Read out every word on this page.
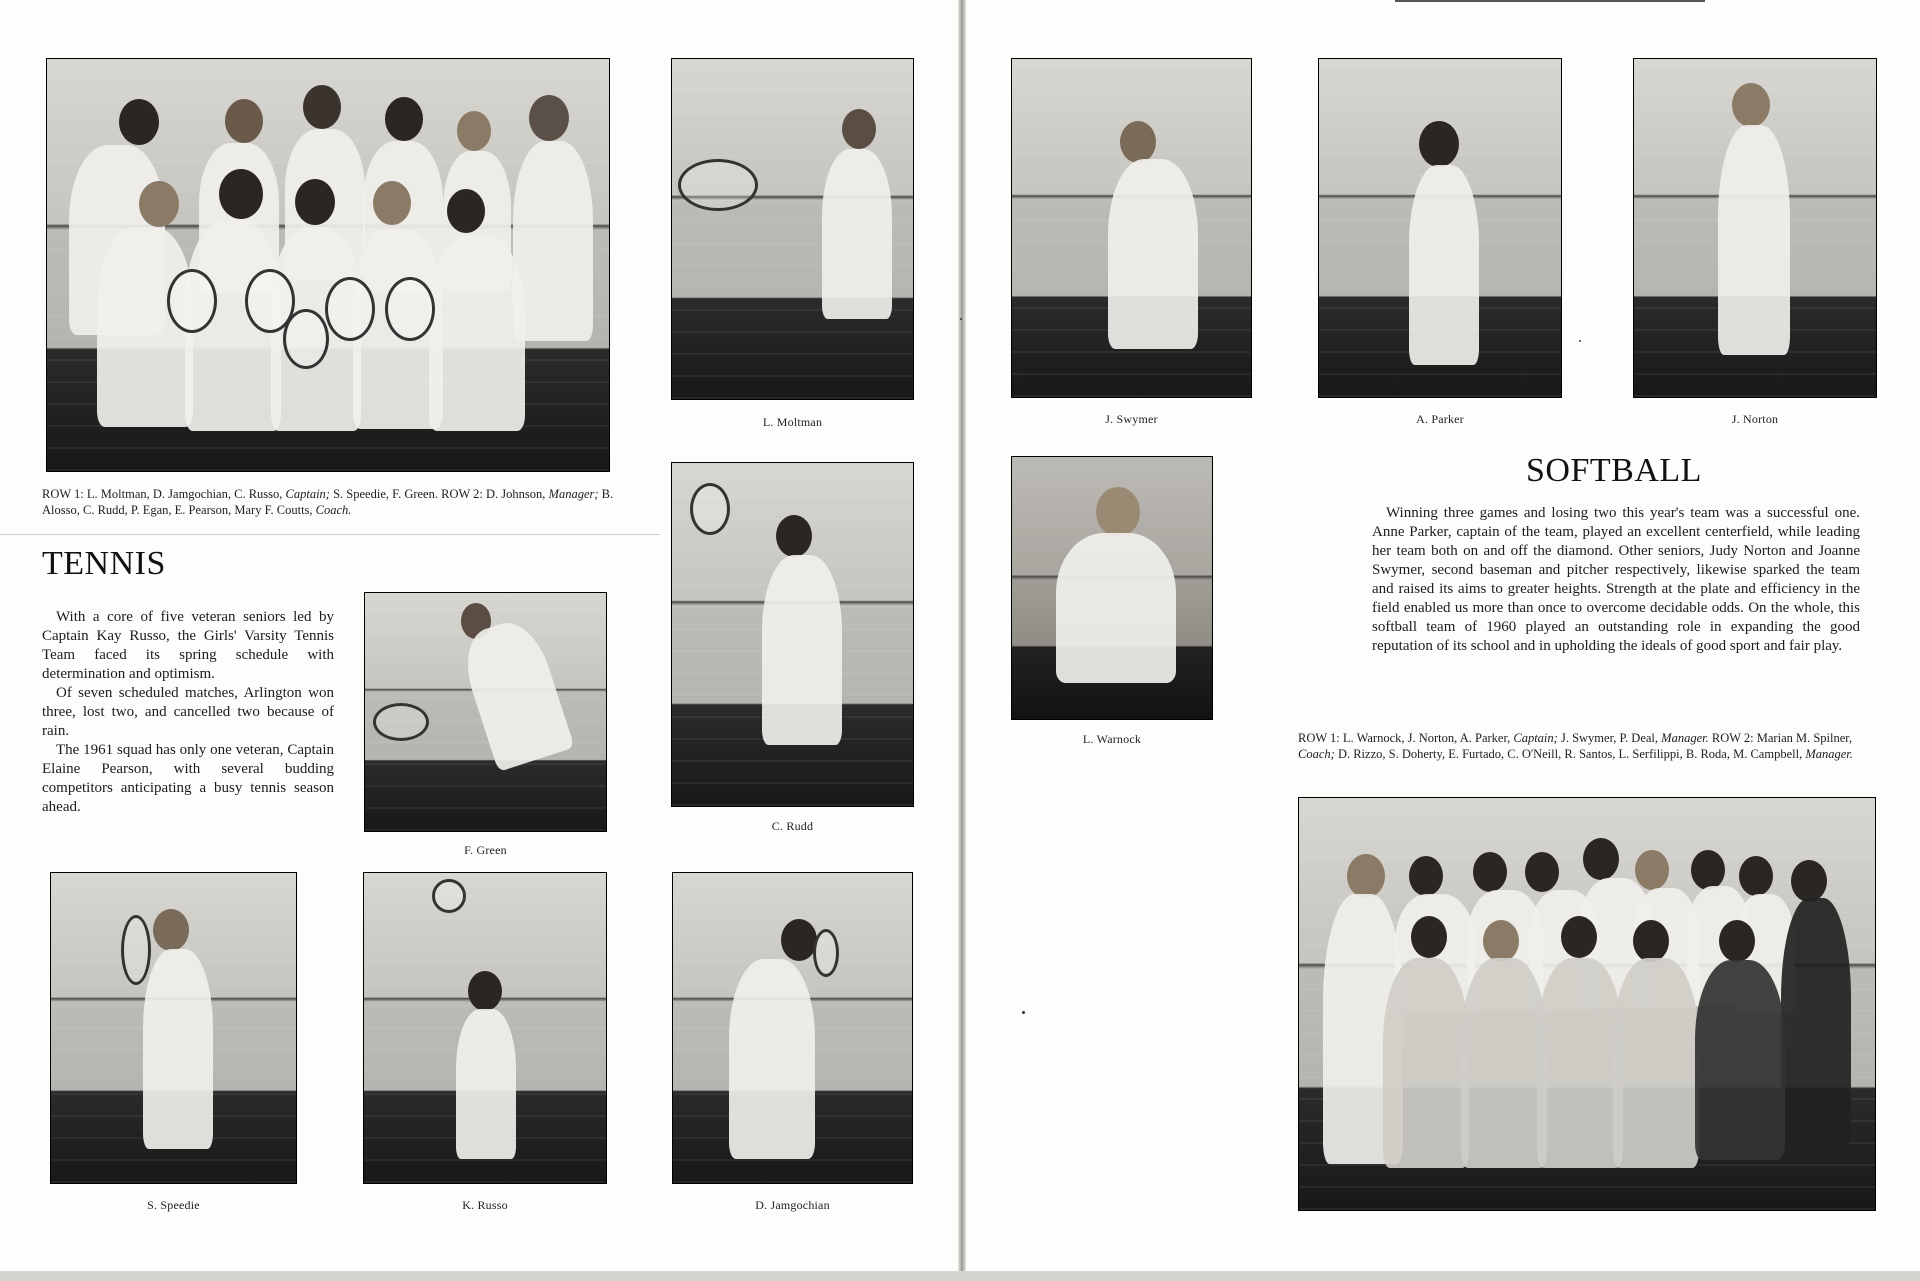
ROW 1: L. Moltman, D. Jamgochian, C. Russo, Captain; S. Speedie, F. Green. ROW 2: D. Johnson, Manager; B. Alosso, C. Rudd, P. Egan, E. Pearson, Mary F. Coutts, Coach.
TENNIS

With a core of five veteran seniors led by Captain Kay Russo, the Girls' Varsity Tennis Team faced its spring schedule with determination and optimism.

Of seven scheduled matches, Arlington won three, lost two, and cancelled two because of rain.

The 1961 squad has only one veteran, Captain Elaine Pearson, with several budding competitors anticipating a busy tennis season ahead.

L. Moltman
F. Green
C. Rudd
S. Speedie	K. Russo	D. Jamgochian
J. Swymer	A. Parker	J. Norton
L. Warnock
SOFTBALL

Winning three games and losing two this year's team was a successful one. Anne Parker, captain of the team, played an excellent centerfield, while leading her team both on and off the diamond. Other seniors, Judy Norton and Joanne Swymer, second baseman and pitcher respectively, likewise sparked the team and raised its aims to greater heights. Strength at the plate and efficiency in the field enabled us more than once to overcome decidable odds. On the whole, this softball team of 1960 played an outstanding role in expanding the good reputation of its school and in upholding the ideals of good sport and fair play.

ROW 1: L. Warnock, J. Norton, A. Parker, Captain; J. Swymer, P. Deal, Manager. ROW 2: Marian M. Spilner, Coach; D. Rizzo, S. Doherty, E. Furtado, C. O'Neill, R. Santos, L. Serfilippi, B. Roda, M. Campbell, Manager.
